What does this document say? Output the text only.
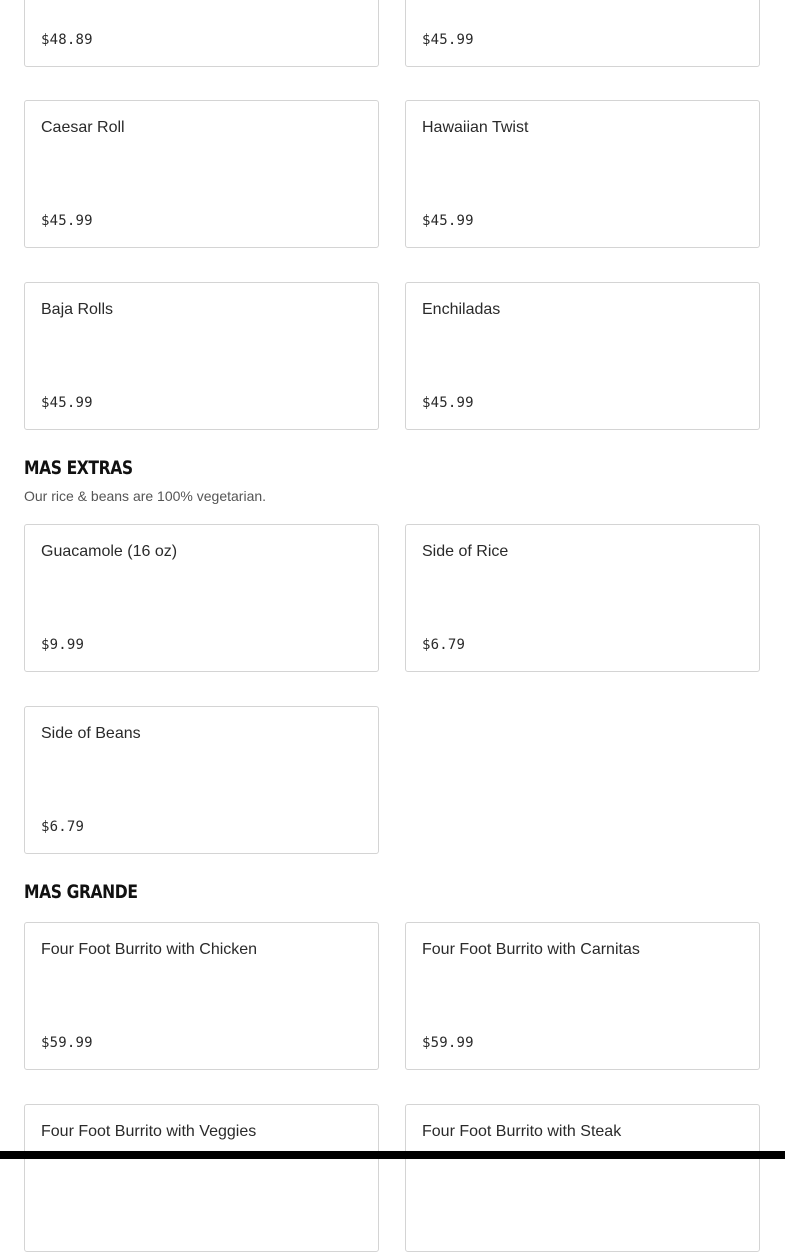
$48.89	$45.99
Caesar Roll
$45.99
Hawaiian Twist
$45.99
Baja Rolls
$45.99
Enchiladas
$45.99
MAS EXTRAS
Our rice & beans are 100% vegetarian.
Guacamole (16 oz)
$9.99
Side of Rice
$6.79
Side of Beans
$6.79
MAS GRANDE
Four Foot Burrito with Chicken
$59.99
Four Foot Burrito with Carnitas
$59.99
Four Foot Burrito with Veggies	Four Foot Burrito with Steak
